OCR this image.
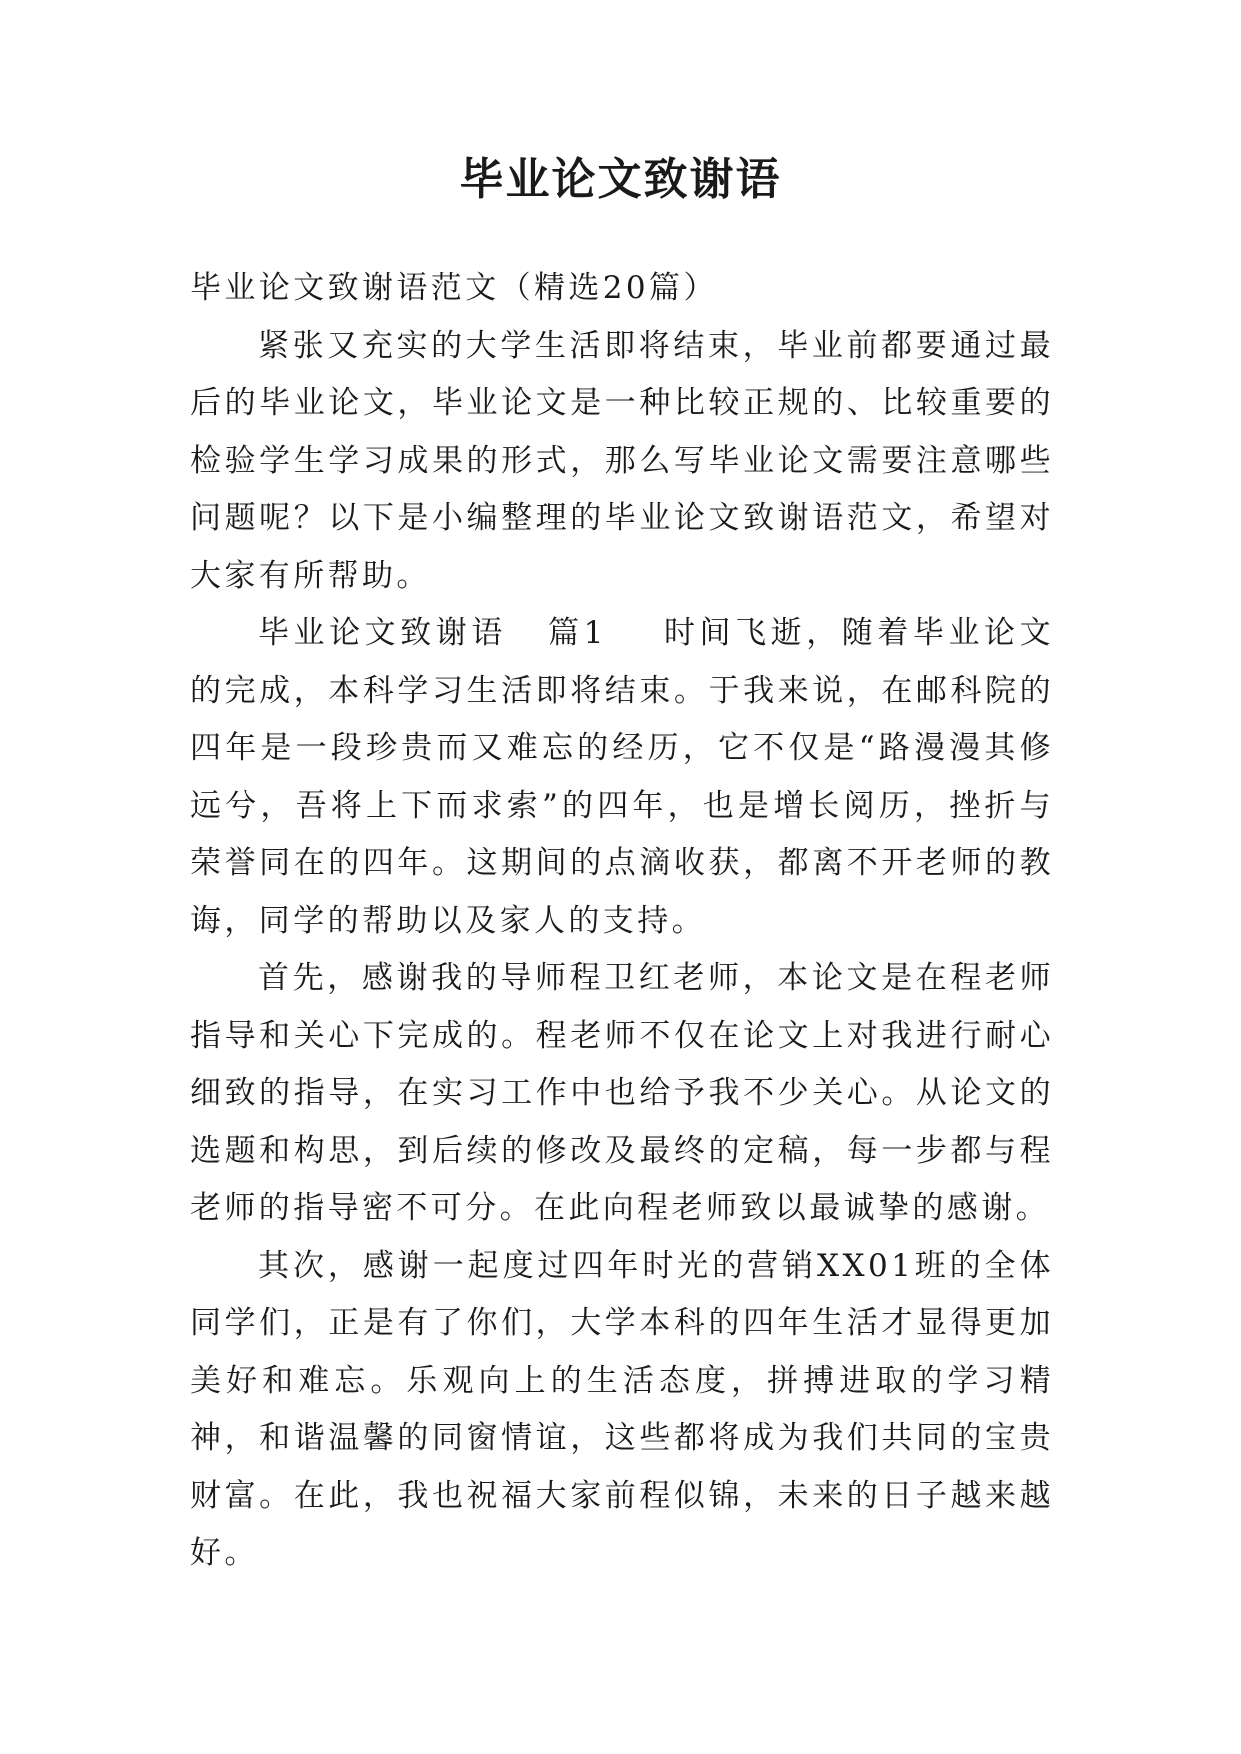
毕业论文致谢语

毕业论文致谢语范文（精选20篇）

紧张又充实的大学生活即将结束，毕业前都要通过最后的毕业论文，毕业论文是一种比较正规的、比较重要的检验学生学习成果的形式，那么写毕业论文需要注意哪些问题呢？以下是小编整理的毕业论文致谢语范文，希望对大家有所帮助。

毕业论文致谢语 篇1 时间飞逝，随着毕业论文的完成，本科学习生活即将结束。于我来说，在邮科院的四年是一段珍贵而又难忘的经历，它不仅是“路漫漫其修远兮，吾将上下而求索”的四年，也是增长阅历，挫折与荣誉同在的四年。这期间的点滴收获，都离不开老师的教诲，同学的帮助以及家人的支持。

首先，感谢我的导师程卫红老师，本论文是在程老师指导和关心下完成的。程老师不仅在论文上对我进行耐心细致的指导，在实习工作中也给予我不少关心。从论文的选题和构思，到后续的修改及最终的定稿，每一步都与程老师的指导密不可分。在此向程老师致以最诚挚的感谢。

其次，感谢一起度过四年时光的营销XX01班的全体同学们，正是有了你们，大学本科的四年生活才显得更加美好和难忘。乐观向上的生活态度，拼搏进取的学习精神，和谐温馨的同窗情谊，这些都将成为我们共同的宝贵财富。在此，我也祝福大家前程似锦，未来的日子越来越好。
